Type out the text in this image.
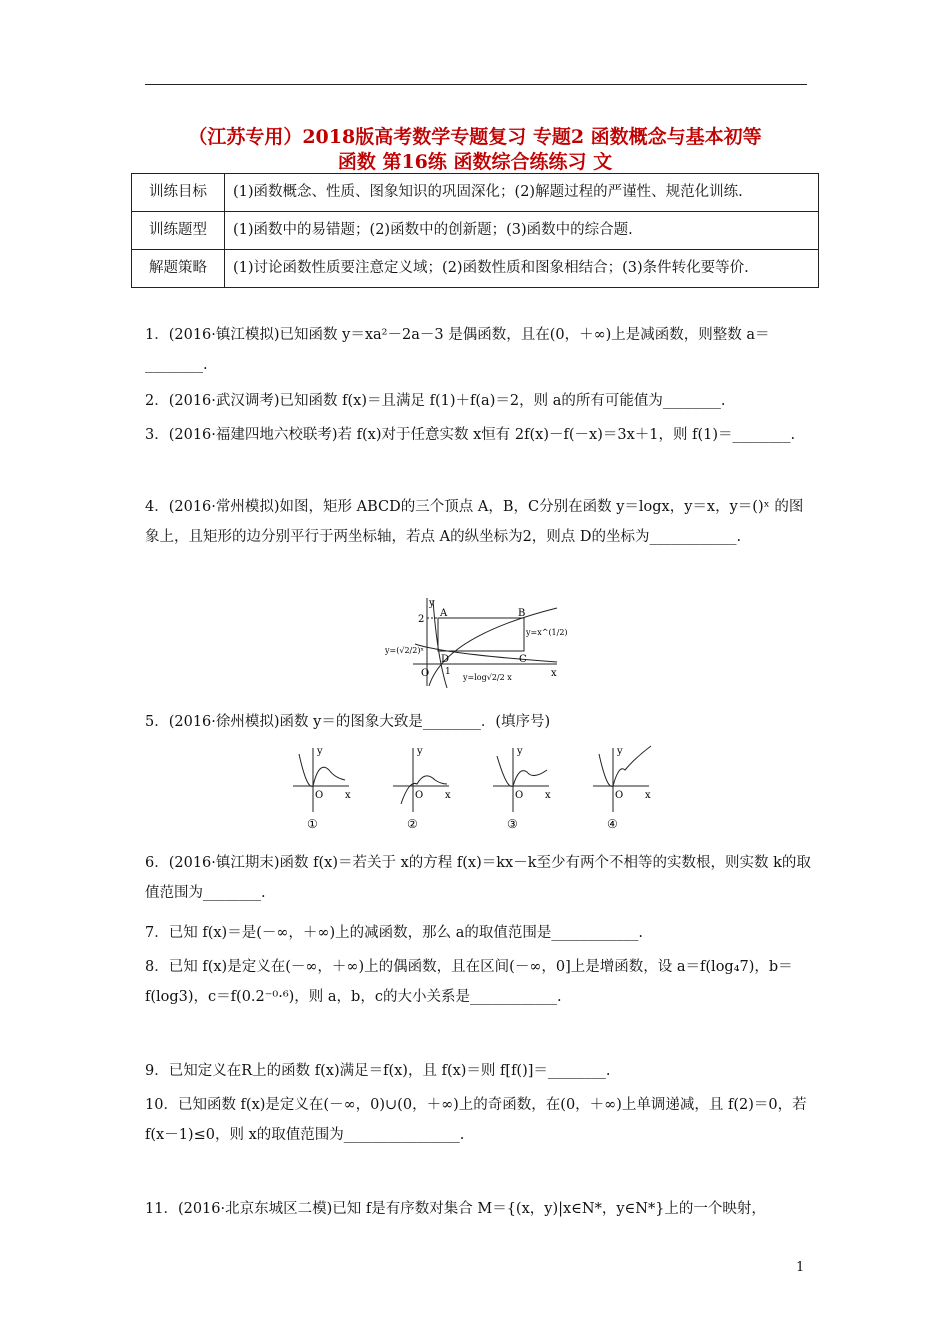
（江苏专用）2018版高考数学专题复习 专题2 函数概念与基本初等
函数 第16练 函数综合练练习 文
训练目标	(1)函数概念、性质、图象知识的巩固深化；(2)解题过程的严谨性、规范化训练.
训练题型	(1)函数中的易错题；(2)函数中的创新题；(3)函数中的综合题.
解题策略	(1)讨论函数性质要注意定义域；(2)函数性质和图象相结合；(3)条件转化要等价.
1．(2016·镇江模拟)已知函数 y＝xa²－2a－3 是偶函数，且在(0，＋∞)上是减函数，则整数 a＝________.
2．(2016·武汉调考)已知函数 f(x)＝且满足 f(1)＋f(a)＝2，则 a的所有可能值为________.
3．(2016·福建四地六校联考)若 f(x)对于任意实数 x恒有 2f(x)－f(－x)＝3x＋1，则 f(1)＝________.
4．(2016·常州模拟)如图，矩形 ABCD的三个顶点 A，B，C分别在函数 y＝logx，y＝x，y＝()ˣ 的图象上，且矩形的边分别平行于两坐标轴，若点 A的纵坐标为2，则点 D的坐标为____________.
y
x
O
A	B
C
D
2
1
y=(√2/2)ˣ
y=x^(1/2)
y=log√2/2 x
5．(2016·徐州模拟)函数 y＝的图象大致是________．(填序号)
y
x
O
①
y
x
O
②
y
x
O
③
y
x
O
④
6．(2016·镇江期末)函数 f(x)＝若关于 x的方程 f(x)＝kx－k至少有两个不相等的实数根，则实数 k的取值范围为________.
7．已知 f(x)＝是(－∞，＋∞)上的减函数，那么 a的取值范围是____________.
8．已知 f(x)是定义在(－∞，＋∞)上的偶函数，且在区间(－∞，0]上是增函数，设 a＝f(log₄7)，b＝f(log3)，c＝f(0.2⁻⁰·⁶)，则 a，b，c的大小关系是____________.
9．已知定义在R上的函数 f(x)满足＝f(x)，且 f(x)＝则 f[f()]＝________.
10．已知函数 f(x)是定义在(－∞，0)∪(0，＋∞)上的奇函数，在(0，＋∞)上单调递减，且 f(2)＝0，若 f(x－1)≤0，则 x的取值范围为________________.
11．(2016·北京东城区二模)已知 f是有序数对集合 M＝{(x，y)|x∈N*，y∈N*}上的一个映射，
1
